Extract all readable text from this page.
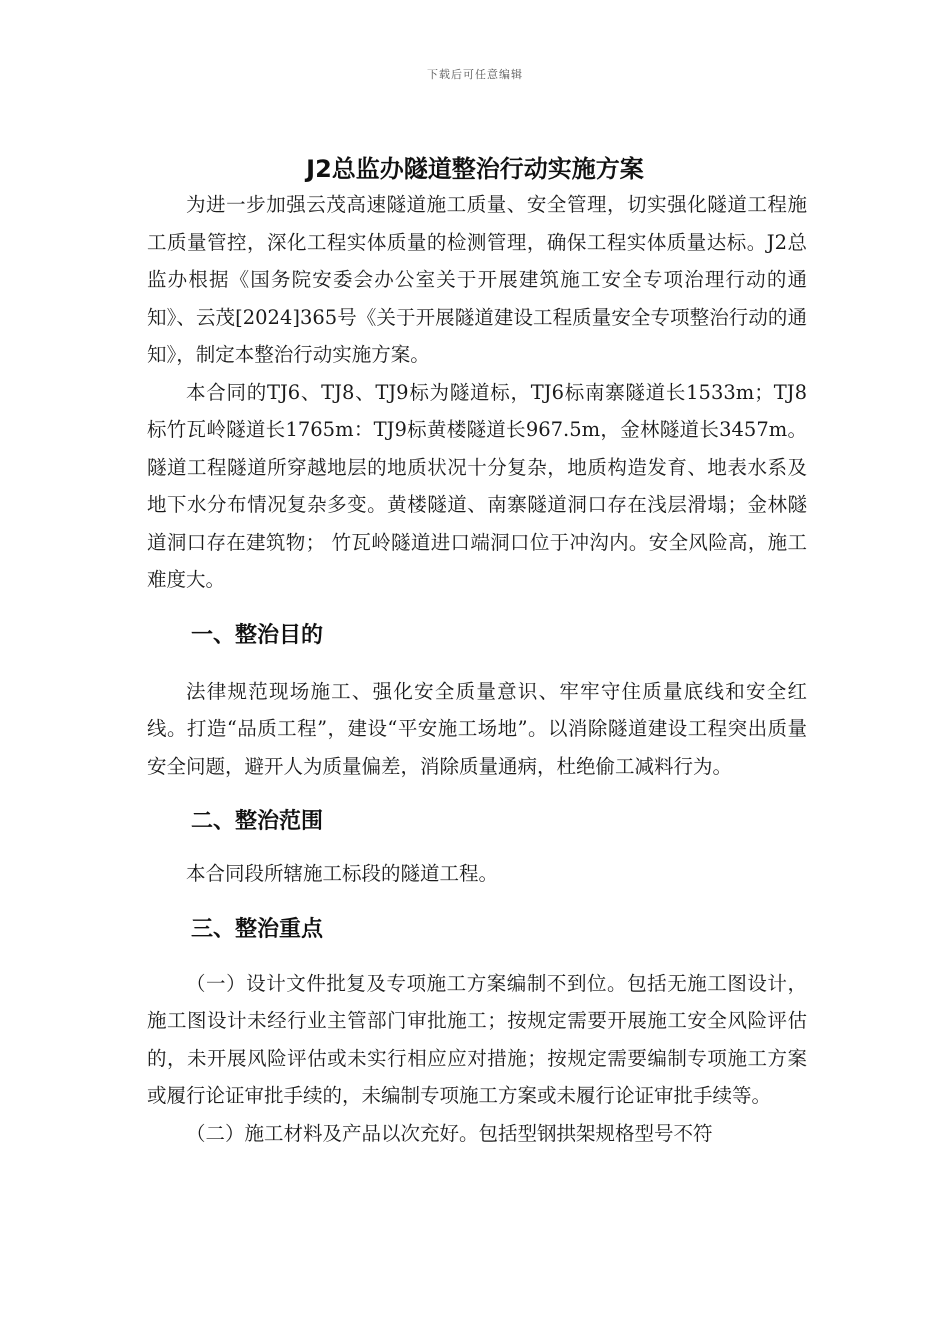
下载后可任意编辑
J2总监办隧道整治行动实施方案

为进一步加强云茂高速隧道施工质量、安全管理，切实强化隧道工程施工质量管控，深化工程实体质量的检测管理，确保工程实体质量达标。J2总监办根据《国务院安委会办公室关于开展建筑施工安全专项治理行动的通知》、云茂[2024]365号《关于开展隧道建设工程质量安全专项整治行动的通知》，制定本整治行动实施方案。

本合同的TJ6、TJ8、TJ9标为隧道标，TJ6标南寨隧道长1533m；TJ8标竹瓦岭隧道长1765m：TJ9标黄楼隧道长967.5m，金林隧道长3457m。隧道工程隧道所穿越地层的地质状况十分复杂，地质构造发育、地表水系及地下水分布情况复杂多变。黄楼隧道、南寨隧道洞口存在浅层滑塌；金林隧道洞口存在建筑物； 竹瓦岭隧道进口端洞口位于冲沟内。安全风险高，施工难度大。

一、整治目的

法律规范现场施工、强化安全质量意识、牢牢守住质量底线和安全红线。打造“品质工程”，建设“平安施工场地”。以消除隧道建设工程突出质量安全问题，避开人为质量偏差，消除质量通病，杜绝偷工减料行为。

二、整治范围

本合同段所辖施工标段的隧道工程。

三、整治重点

（一）设计文件批复及专项施工方案编制不到位。包括无施工图设计，施工图设计未经行业主管部门审批施工；按规定需要开展施工安全风险评估的，未开展风险评估或未实行相应应对措施；按规定需要编制专项施工方案或履行论证审批手续的，未编制专项施工方案或未履行论证审批手续等。

（二）施工材料及产品以次充好。包括型钢拱架规格型号不符
